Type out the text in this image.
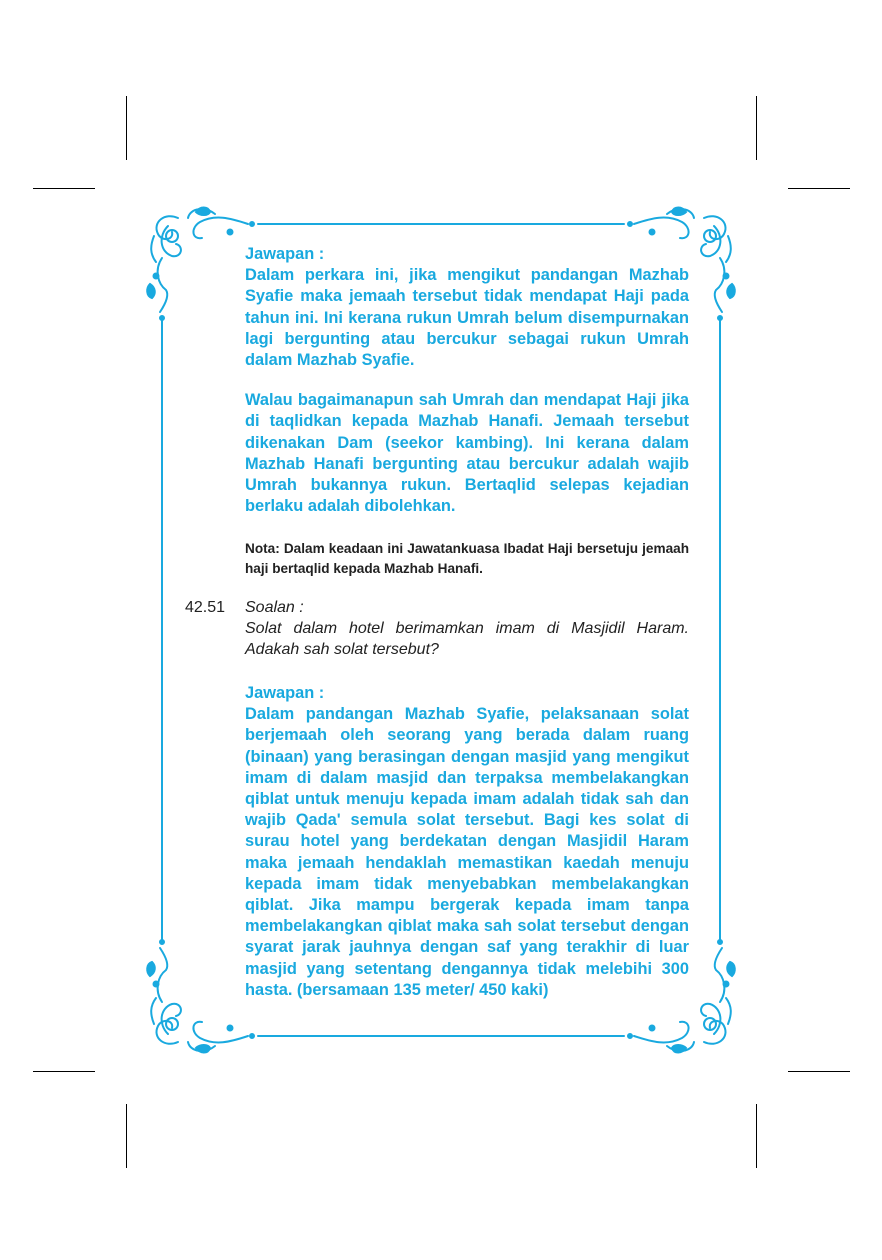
Jawapan :

Dalam perkara ini, jika mengikut pandangan Mazhab Syafie maka jemaah tersebut tidak mendapat Haji pada tahun ini. Ini kerana rukun Umrah belum disempurnakan lagi bergunting atau bercukur sebagai rukun Umrah dalam Mazhab Syafie.

Walau bagaimanapun sah Umrah dan mendapat Haji jika di taqlidkan kepada Mazhab Hanafi. Jemaah tersebut dikenakan Dam (seekor kambing). Ini kerana dalam Mazhab Hanafi bergunting atau bercukur adalah wajib Umrah bukannya rukun. Bertaqlid selepas kejadian berlaku adalah dibolehkan.

Nota: Dalam keadaan ini Jawatankuasa Ibadat Haji bersetuju jemaah haji bertaqlid kepada Mazhab Hanafi.

42.51	Soalan :
Solat dalam hotel berimamkan imam di Masjidil Haram. Adakah sah solat tersebut?

Jawapan :

Dalam pandangan Mazhab Syafie, pelaksanaan solat berjemaah oleh seorang yang berada dalam ruang (binaan) yang berasingan dengan masjid yang mengikut imam di dalam masjid dan terpaksa membelakangkan qiblat untuk menuju kepada imam adalah tidak sah dan wajib Qada' semula solat tersebut. Bagi kes solat di surau hotel yang berdekatan dengan Masjidil Haram maka jemaah hendaklah memastikan kaedah menuju kepada imam tidak menyebabkan membelakangkan qiblat. Jika mampu bergerak kepada imam tanpa membelakangkan qiblat maka sah solat tersebut dengan syarat jarak jauhnya dengan saf yang terakhir di luar masjid yang setentang dengannya tidak melebihi 300 hasta. (bersamaan 135 meter/ 450 kaki)
